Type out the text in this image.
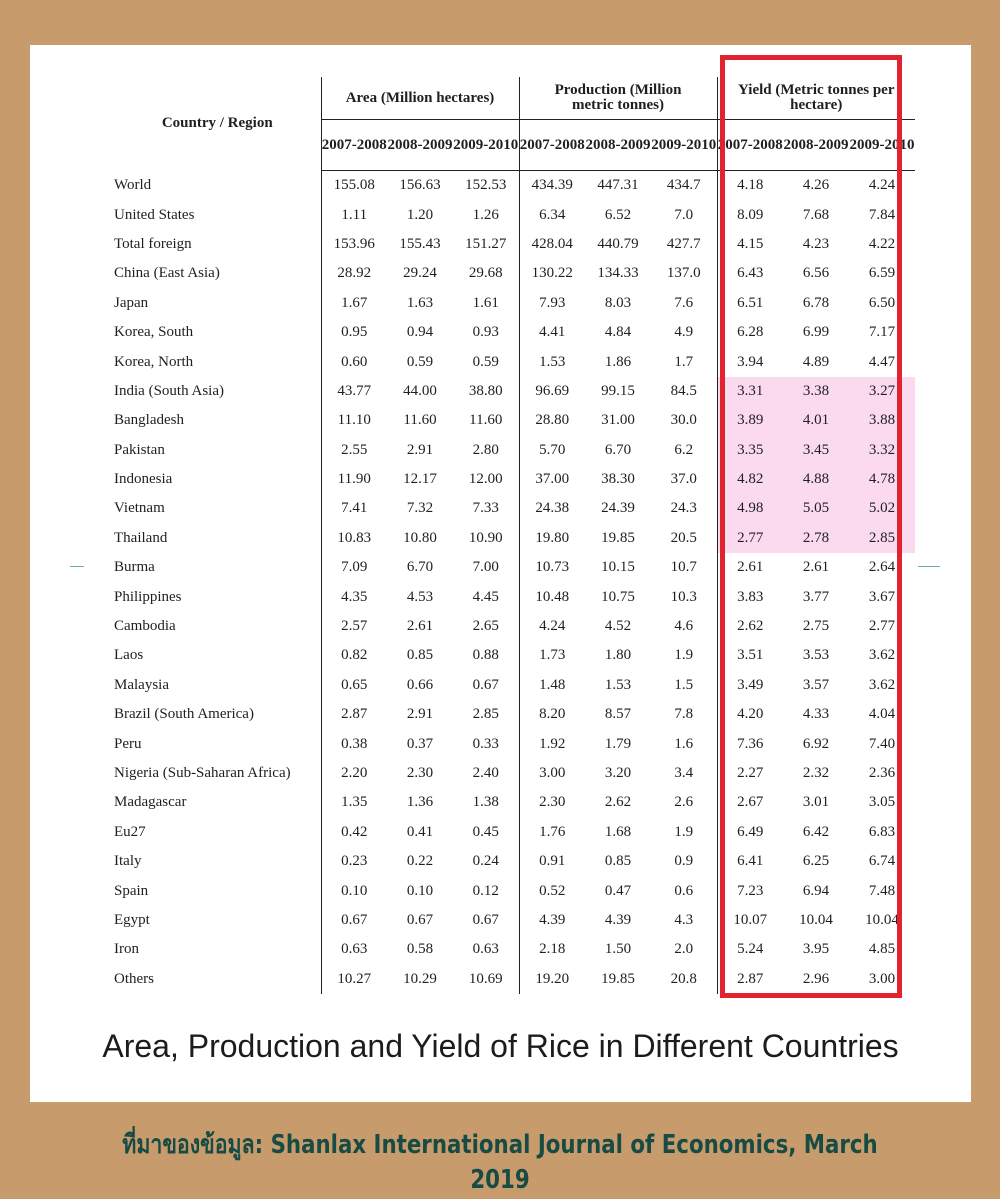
Country / Region	Area (Million hectares)			Production (Million metric tonnes)			Yield (Metric tonnes per hectare)		
	2007-2008	2008-2009	2009-2010	2007-2008	2008-2009	2009-2010	2007-2008	2008-2009	2009-2010
World	155.08	156.63	152.53	434.39	447.31	434.7	4.18	4.26	4.24
United States	1.11	1.20	1.26	6.34	6.52	7.0	8.09	7.68	7.84
Total foreign	153.96	155.43	151.27	428.04	440.79	427.7	4.15	4.23	4.22
China (East Asia)	28.92	29.24	29.68	130.22	134.33	137.0	6.43	6.56	6.59
Japan	1.67	1.63	1.61	7.93	8.03	7.6	6.51	6.78	6.50
Korea, South	0.95	0.94	0.93	4.41	4.84	4.9	6.28	6.99	7.17
Korea, North	0.60	0.59	0.59	1.53	1.86	1.7	3.94	4.89	4.47
India (South Asia)	43.77	44.00	38.80	96.69	99.15	84.5	3.31	3.38	3.27
Bangladesh	11.10	11.60	11.60	28.80	31.00	30.0	3.89	4.01	3.88
Pakistan	2.55	2.91	2.80	5.70	6.70	6.2	3.35	3.45	3.32
Indonesia	11.90	12.17	12.00	37.00	38.30	37.0	4.82	4.88	4.78
Vietnam	7.41	7.32	7.33	24.38	24.39	24.3	4.98	5.05	5.02
Thailand	10.83	10.80	10.90	19.80	19.85	20.5	2.77	2.78	2.85
Burma	7.09	6.70	7.00	10.73	10.15	10.7	2.61	2.61	2.64
Philippines	4.35	4.53	4.45	10.48	10.75	10.3	3.83	3.77	3.67
Cambodia	2.57	2.61	2.65	4.24	4.52	4.6	2.62	2.75	2.77
Laos	0.82	0.85	0.88	1.73	1.80	1.9	3.51	3.53	3.62
Malaysia	0.65	0.66	0.67	1.48	1.53	1.5	3.49	3.57	3.62
Brazil (South America)	2.87	2.91	2.85	8.20	8.57	7.8	4.20	4.33	4.04
Peru	0.38	0.37	0.33	1.92	1.79	1.6	7.36	6.92	7.40
Nigeria (Sub-Saharan Africa)	2.20	2.30	2.40	3.00	3.20	3.4	2.27	2.32	2.36
Madagascar	1.35	1.36	1.38	2.30	2.62	2.6	2.67	3.01	3.05
Eu27	0.42	0.41	0.45	1.76	1.68	1.9	6.49	6.42	6.83
Italy	0.23	0.22	0.24	0.91	0.85	0.9	6.41	6.25	6.74
Spain	0.10	0.10	0.12	0.52	0.47	0.6	7.23	6.94	7.48
Egypt	0.67	0.67	0.67	4.39	4.39	4.3	10.07	10.04	10.04
Iron	0.63	0.58	0.63	2.18	1.50	2.0	5.24	3.95	4.85
Others	10.27	10.29	10.69	19.20	19.85	20.8	2.87	2.96	3.00
Area, Production and Yield of Rice in Different Countries
ที่มาของข้อมูล: Shanlax International Journal of Economics, March 2019
